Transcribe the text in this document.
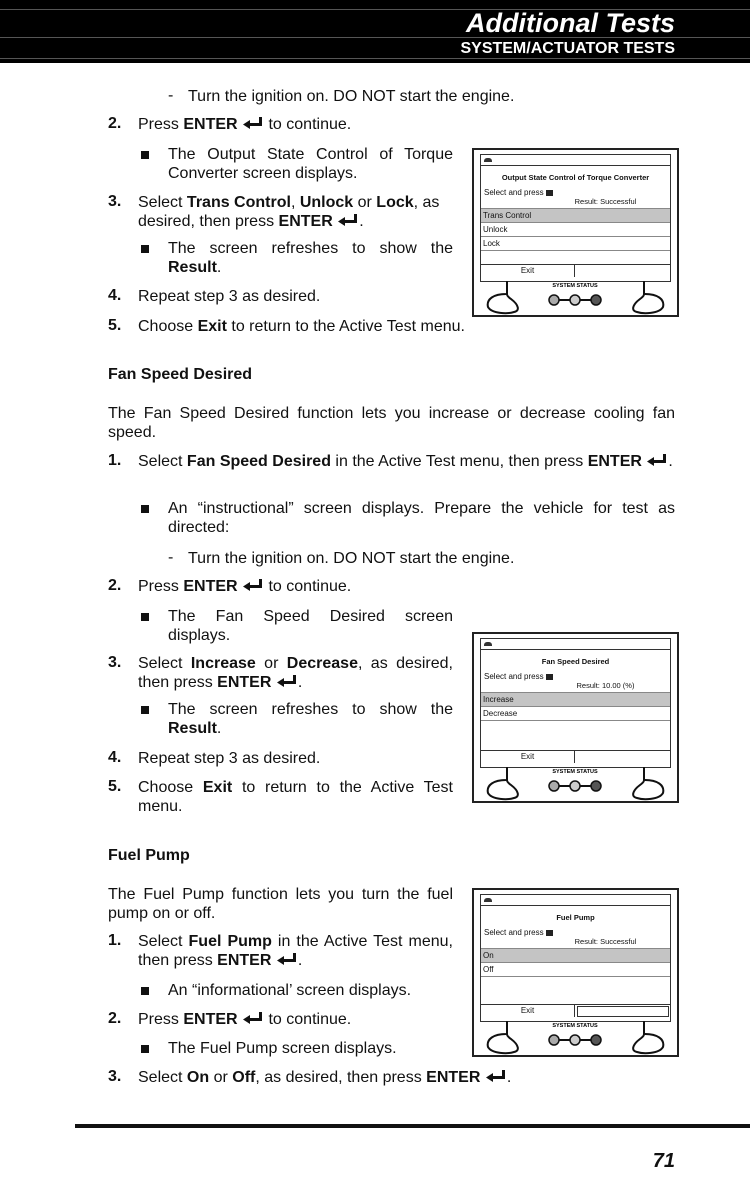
Additional Tests
SYSTEM/ACTUATOR TESTS
- Turn the ignition on. DO NOT start the engine.
2. Press ENTER  to continue.
The Output State Control of Torque Converter screen displays.
3. Select Trans Control, Unlock or Lock, as desired, then press ENTER .
The screen refreshes to show the Result.
4. Repeat step 3 as desired.
5. Choose Exit to return to the Active Test menu.
Fan Speed Desired
The Fan Speed Desired function lets you increase or decrease cooling fan speed.
1. Select Fan Speed Desired in the Active Test menu, then press ENTER .
An “instructional” screen displays. Prepare the vehicle for test as directed:
- Turn the ignition on. DO NOT start the engine.
2. Press ENTER  to continue.
The Fan Speed Desired screen displays.
3. Select Increase or Decrease, as desired, then press ENTER .
The screen refreshes to show the Result.
4. Repeat step 3 as desired.
5. Choose Exit to return to the Active Test menu.
Fuel Pump
The Fuel Pump function lets you turn the fuel pump on or off.
1. Select Fuel Pump in the Active Test menu, then press ENTER .
An “informational’ screen displays.
2. Press ENTER  to continue.
The Fuel Pump screen displays.
3. Select On or Off, as desired, then press ENTER .
Output State Control of Torque Converter
Select and press
Result: Successful
Trans Control
Unlock
Lock
Exit
SYSTEM STATUS
Fan Speed Desired
Select and press
Result: 10.00 (%)
Increase
Decrease
Exit
SYSTEM STATUS
Fuel Pump
Select and press
Result: Successful
On
Off
Exit
SYSTEM STATUS
71
